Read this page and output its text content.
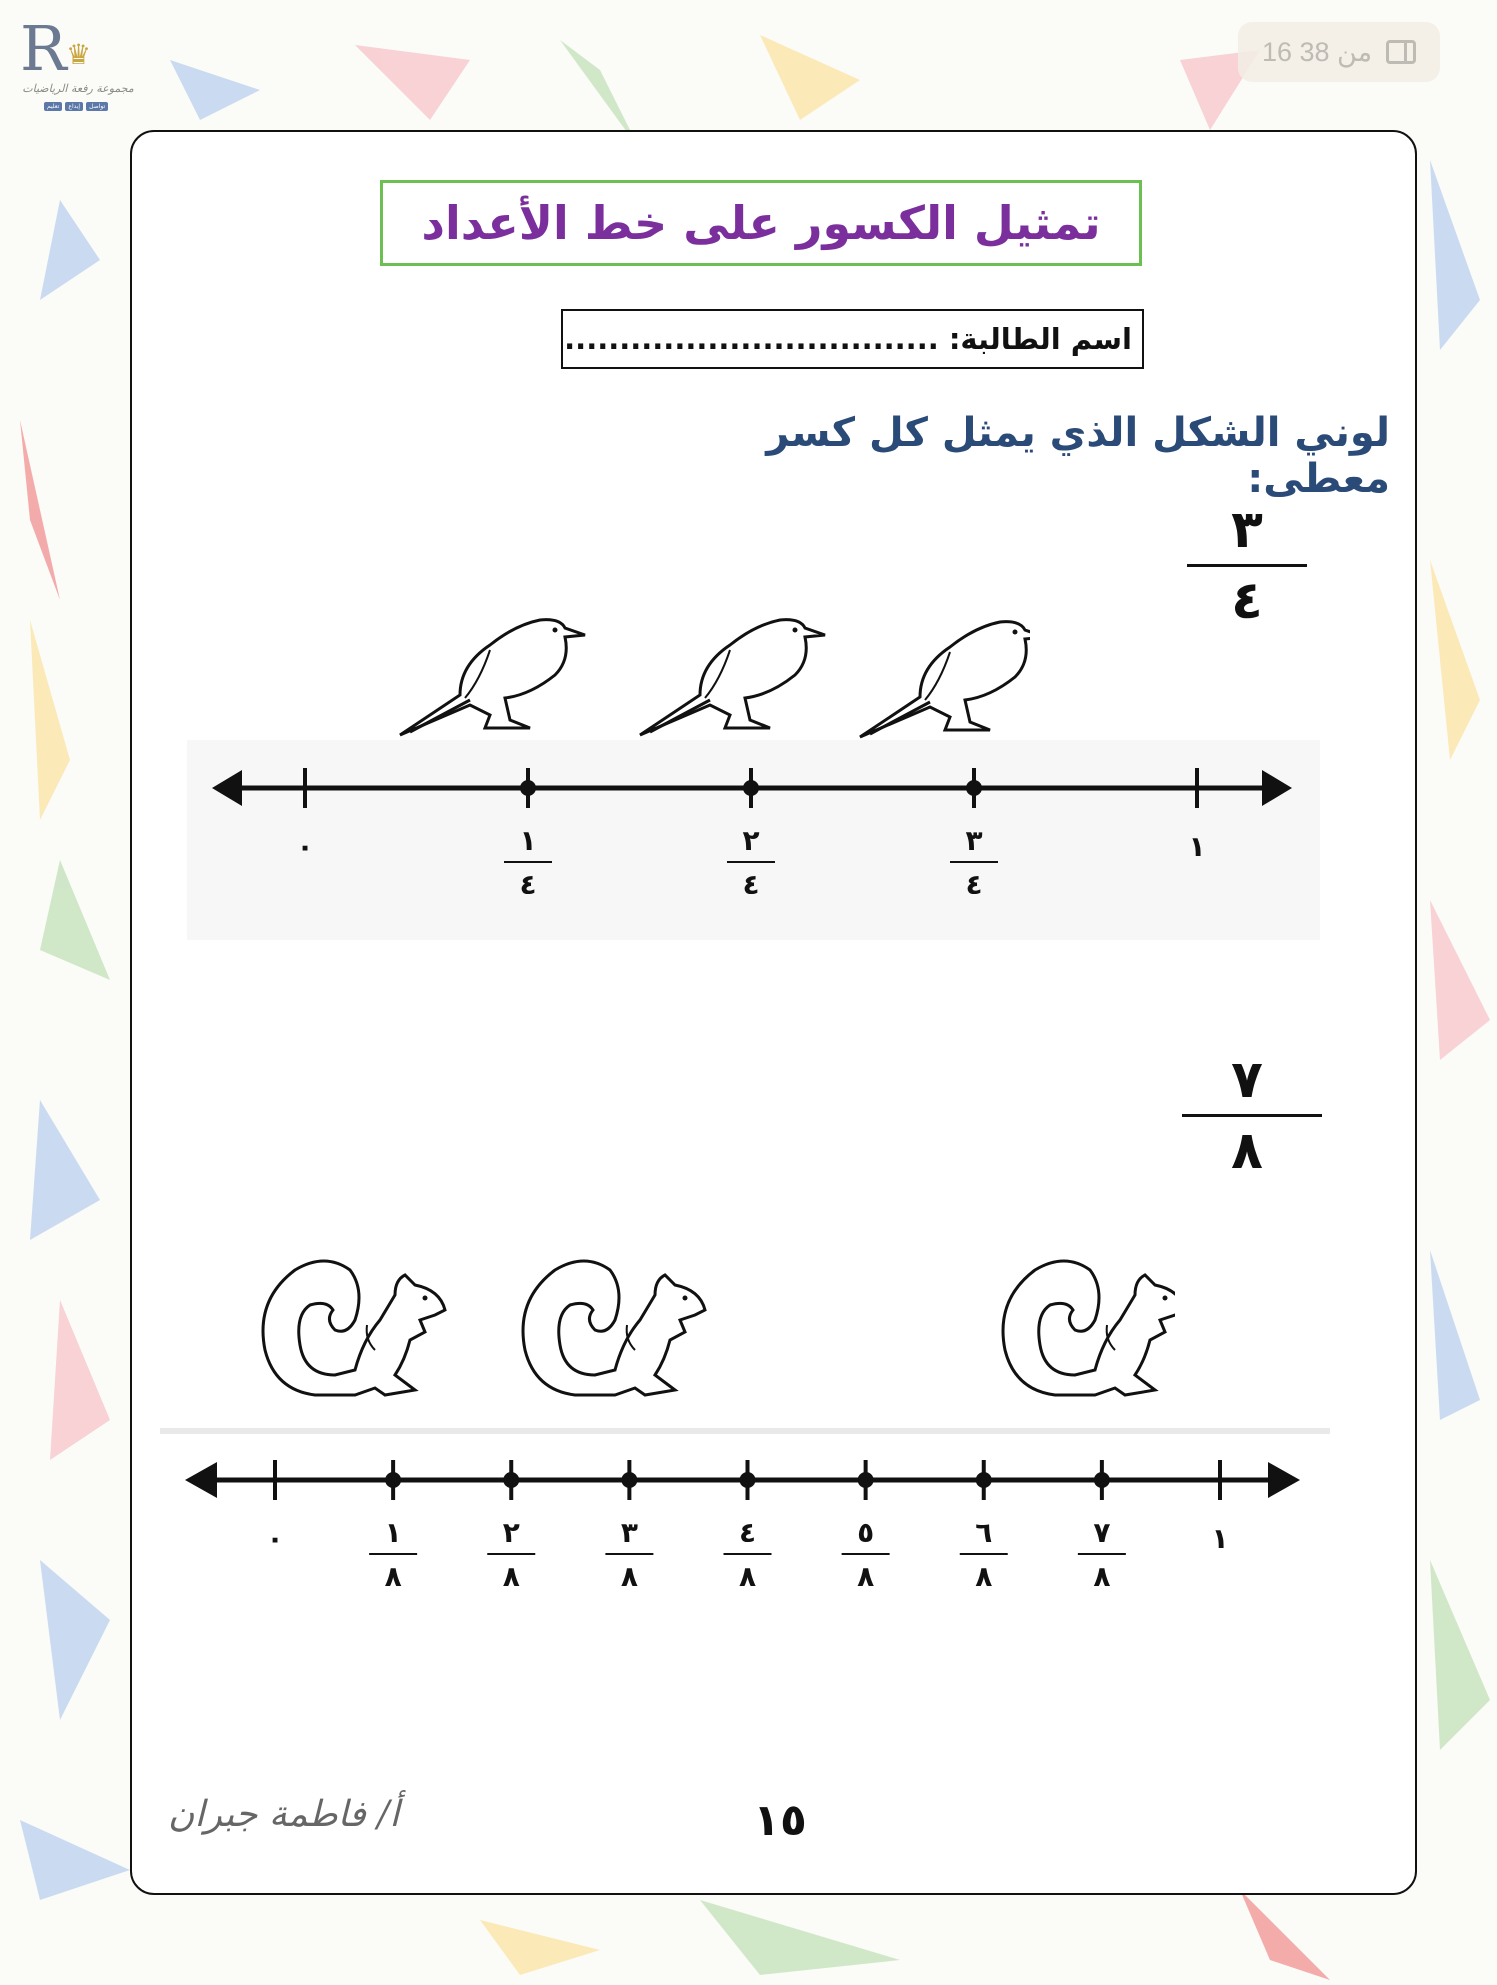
R ♛
مجموعة رفعة الرياضيات
تعليم	إبداع	تواصل
16 من 38
تمثيل الكسور على خط الأعداد
اسم الطالبة: ..................................
لوني الشكل الذي يمثل كل كسر معطى:
٣
٤
٠	١
٤
٢
٤
٣
٤
١
٧
٨
٠	١
٨
٢
٨
٣
٨
٤
٨
٥
٨
٦
٨
٧
٨
١
أ/ فاطمة جبران	١٥
